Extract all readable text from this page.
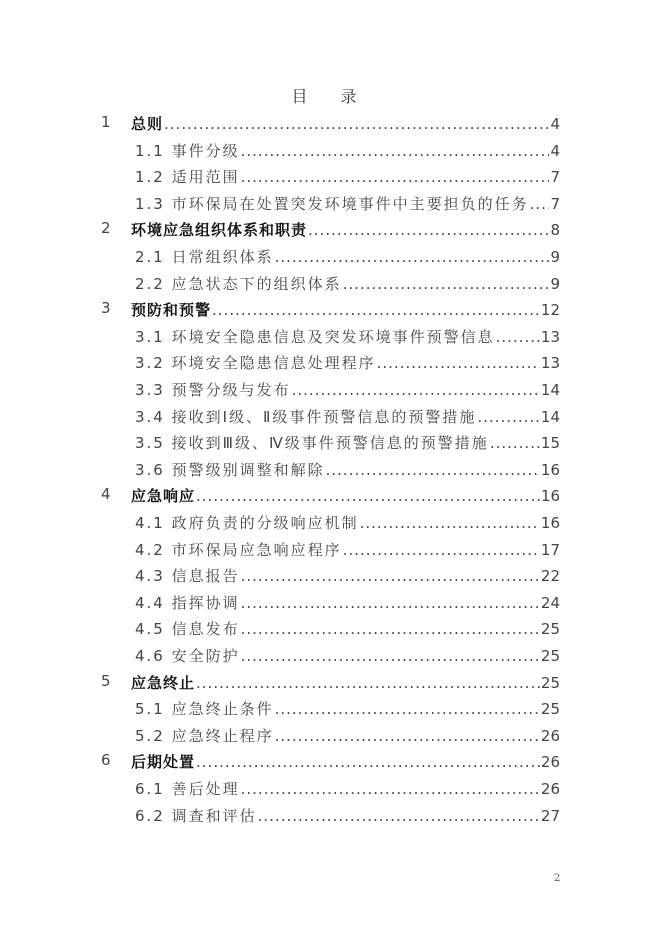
目 录
1 总则 .....	4
1.1 事件分级 .....	4
1.2 适用范围 .....	7
1.3 市环保局在处置突发环境事件中主要担负的任务 ..... 7
2 环境应急组织体系和职责 .....	8
2.1 日常组织体系 .....	9
2.2 应急状态下的组织体系 .....	9
3 预防和预警 .....	12
3.1 环境安全隐患信息及突发环境事件预警信息 .....	13
3.2 环境安全隐患信息处理程序 .....	13
3.3 预警分级与发布 .....	14
3.4 接收到Ⅰ级、Ⅱ级事件预警信息的预警措施 .....	14
3.5 接收到Ⅲ级、Ⅳ级事件预警信息的预警措施 .....	15
3.6 预警级别调整和解除 .....	16
4 应急响应 .....	16
4.1 政府负责的分级响应机制 .....	16
4.2 市环保局应急响应程序 .....	17
4.3 信息报告 .....	22
4.4 指挥协调 .....	24
4.5 信息发布 .....	25
4.6 安全防护 .....	25
5 应急终止 .....	25
5.1 应急终止条件 .....	25
5.2 应急终止程序 .....	26
6 后期处置 .....	26
6.1 善后处理 .....	26
6.2 调查和评估 .....	27
2
